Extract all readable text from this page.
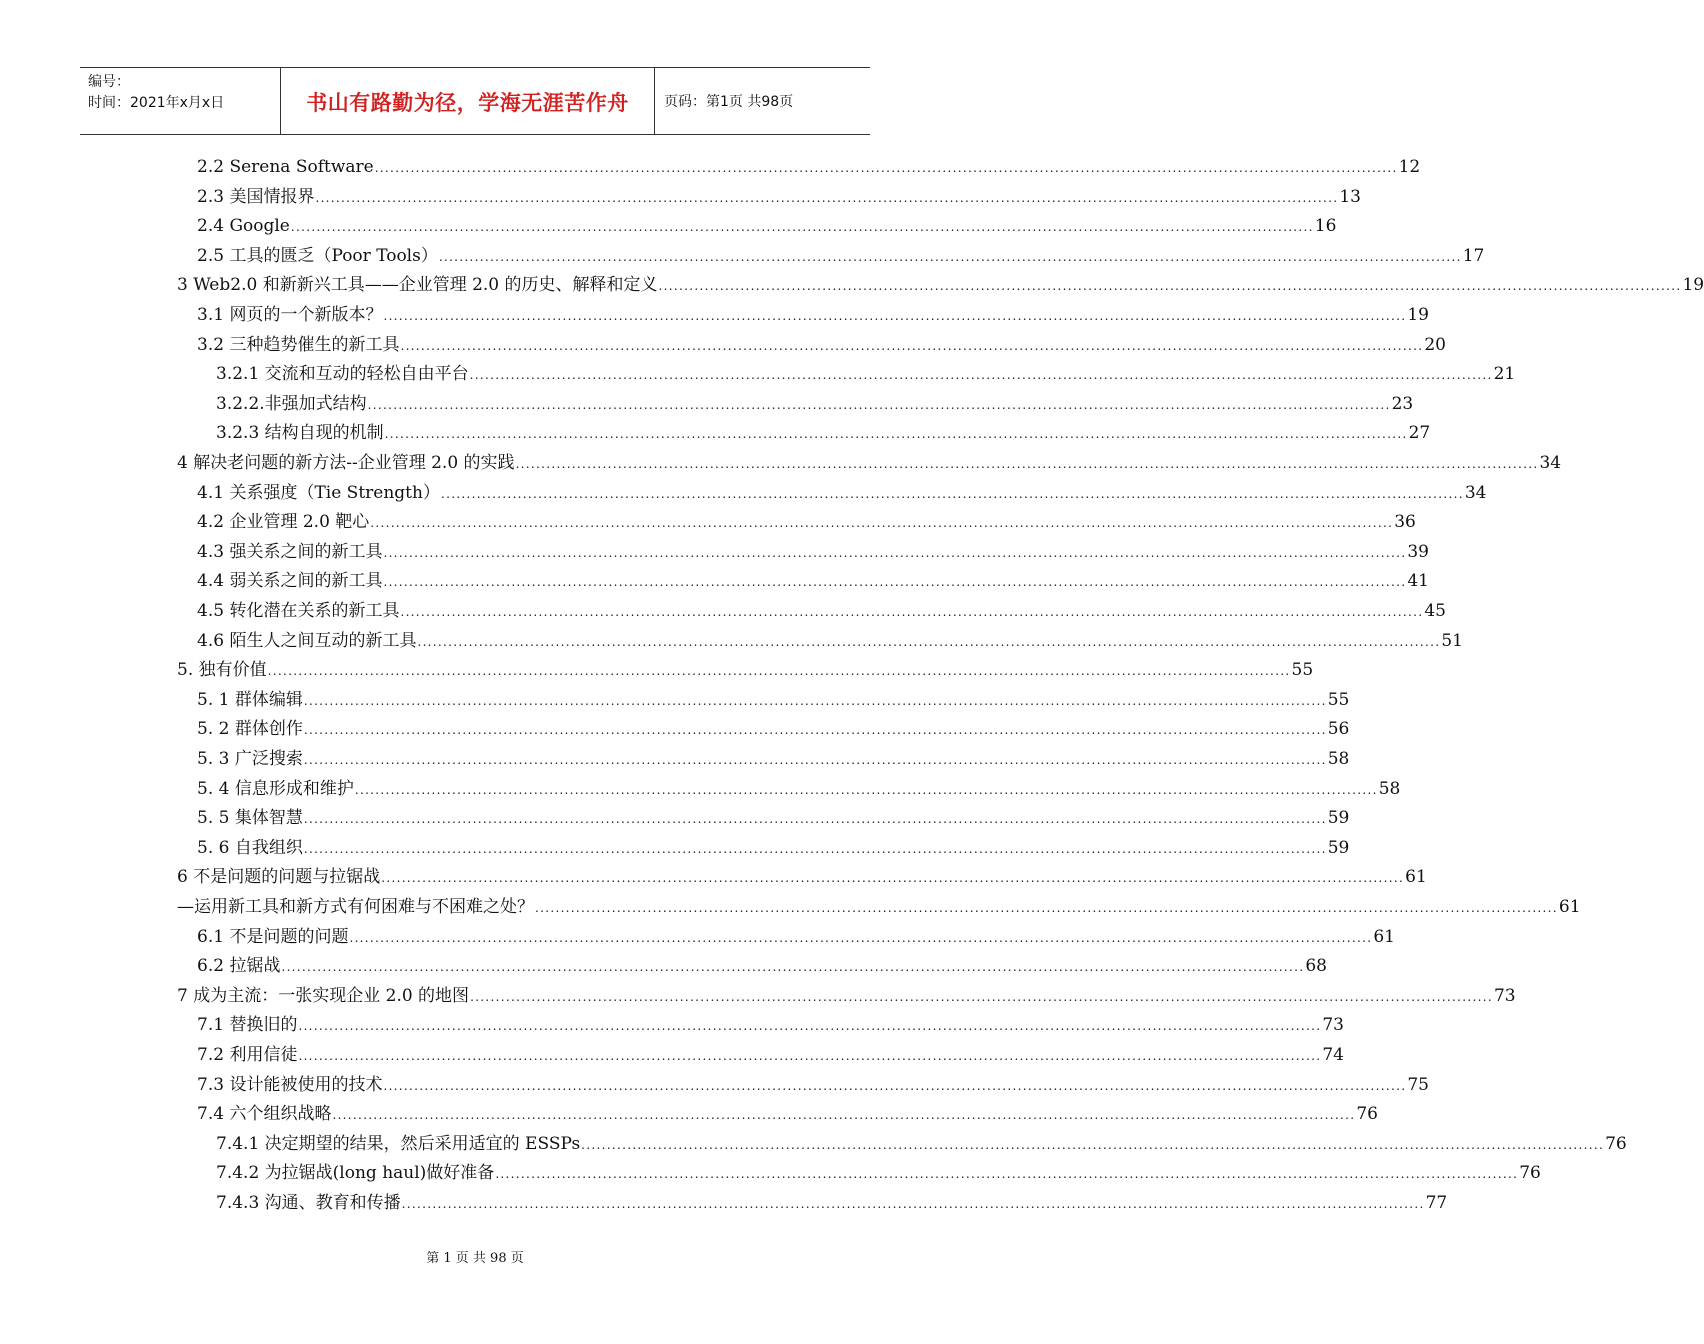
编号：
时间：2021年x月x日	书山有路勤为径，学海无涯苦作舟	页码：第1页 共98页
2.2 Serena Software ........................................................................................................................................................................................................ 12
2.3 美国情报界 ........................................................................................................................................................................................................ 13
2.4 Google ........................................................................................................................................................................................................ 16
2.5 工具的匮乏（Poor Tools） ........................................................................................................................................................................................................ 17
3 Web2.0 和新新兴工具——企业管理 2.0 的历史、解释和定义 ........................................................................................................................................................................................................ 19
3.1 网页的一个新版本？ ........................................................................................................................................................................................................ 19
3.2 三种趋势催生的新工具 ........................................................................................................................................................................................................ 20
3.2.1 交流和互动的轻松自由平台 ........................................................................................................................................................................................................ 21
3.2.2.非强加式结构 ........................................................................................................................................................................................................ 23
3.2.3 结构自现的机制 ........................................................................................................................................................................................................ 27
4 解决老问题的新方法--企业管理 2.0 的实践 ........................................................................................................................................................................................................ 34
4.1 关系强度（Tie Strength） ........................................................................................................................................................................................................ 34
4.2 企业管理 2.0 靶心 ........................................................................................................................................................................................................ 36
4.3 强关系之间的新工具 ........................................................................................................................................................................................................ 39
4.4 弱关系之间的新工具 ........................................................................................................................................................................................................ 41
4.5 转化潜在关系的新工具 ........................................................................................................................................................................................................ 45
4.6 陌生人之间互动的新工具 ........................................................................................................................................................................................................ 51
5. 独有价值 ........................................................................................................................................................................................................ 55
5. 1 群体编辑 ........................................................................................................................................................................................................ 55
5. 2 群体创作 ........................................................................................................................................................................................................ 56
5. 3 广泛搜索 ........................................................................................................................................................................................................ 58
5. 4 信息形成和维护 ........................................................................................................................................................................................................ 58
5. 5 集体智慧 ........................................................................................................................................................................................................ 59
5. 6 自我组织 ........................................................................................................................................................................................................ 59
6 不是问题的问题与拉锯战 ........................................................................................................................................................................................................ 61
—运用新工具和新方式有何困难与不困难之处？ ........................................................................................................................................................................................................ 61
6.1 不是问题的问题 ........................................................................................................................................................................................................ 61
6.2 拉锯战 ........................................................................................................................................................................................................ 68
7 成为主流：一张实现企业 2.0 的地图 ........................................................................................................................................................................................................ 73
7.1 替换旧的 ........................................................................................................................................................................................................ 73
7.2 利用信徒 ........................................................................................................................................................................................................ 74
7.3 设计能被使用的技术 ........................................................................................................................................................................................................ 75
7.4 六个组织战略 ........................................................................................................................................................................................................ 76
7.4.1 决定期望的结果，然后采用适宜的 ESSPs ........................................................................................................................................................................................................ 76
7.4.2 为拉锯战(long haul)做好准备 ........................................................................................................................................................................................................ 76
7.4.3 沟通、教育和传播 ........................................................................................................................................................................................................ 77
第 1 页 共 98 页
